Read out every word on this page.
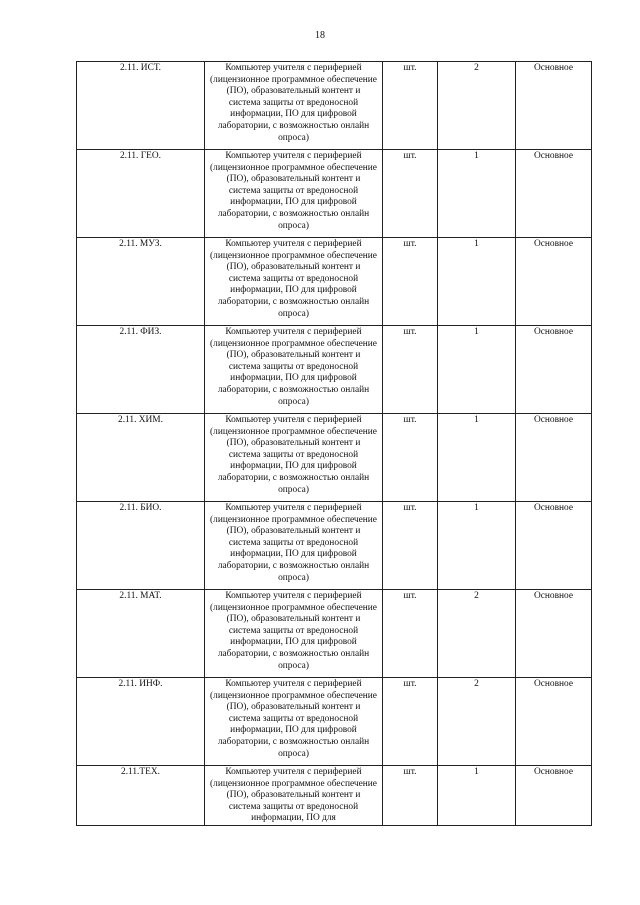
18
2.11. ИСТ.	Компьютер учителя с периферией (лицензионное программное обеспечение (ПО), образовательный контент и система защиты от вредоносной информации, ПО для цифровой лаборатории, с возможностью онлайн опроса)	шт.	2	Основное

2.11. ГЕО.	Компьютер учителя с периферией (лицензионное программное обеспечение (ПО), образовательный контент и система защиты от вредоносной информации, ПО для цифровой лаборатории, с возможностью онлайн опроса)	шт.	1	Основное

2.11. МУЗ.	Компьютер учителя с периферией (лицензионное программное обеспечение (ПО), образовательный контент и система защиты от вредоносной информации, ПО для цифровой лаборатории, с возможностью онлайн опроса)	шт.	1	Основное

2.11. ФИЗ.	Компьютер учителя с периферией (лицензионное программное обеспечение (ПО), образовательный контент и система защиты от вредоносной информации, ПО для цифровой лаборатории, с возможностью онлайн опроса)	шт.	1	Основное

2.11. ХИМ.	Компьютер учителя с периферией (лицензионное программное обеспечение (ПО), образовательный контент и система защиты от вредоносной информации, ПО для цифровой лаборатории, с возможностью онлайн опроса)	шт.	1	Основное

2.11. БИО.	Компьютер учителя с периферией (лицензионное программное обеспечение (ПО), образовательный контент и система защиты от вредоносной информации, ПО для цифровой лаборатории, с возможностью онлайн опроса)	шт.	1	Основное

2.11. МАТ.	Компьютер учителя с периферией (лицензионное программное обеспечение (ПО), образовательный контент и система защиты от вредоносной информации, ПО для цифровой лаборатории, с возможностью онлайн опроса)	шт.	2	Основное

2.11. ИНФ.	Компьютер учителя с периферией (лицензионное программное обеспечение (ПО), образовательный контент и система защиты от вредоносной информации, ПО для цифровой лаборатории, с возможностью онлайн опроса)	шт.	2	Основное

2.11.ТЕХ.	Компьютер учителя с периферией (лицензионное программное обеспечение (ПО), образовательный контент и система защиты от вредоносной информации, ПО для	шт.	1	Основное
